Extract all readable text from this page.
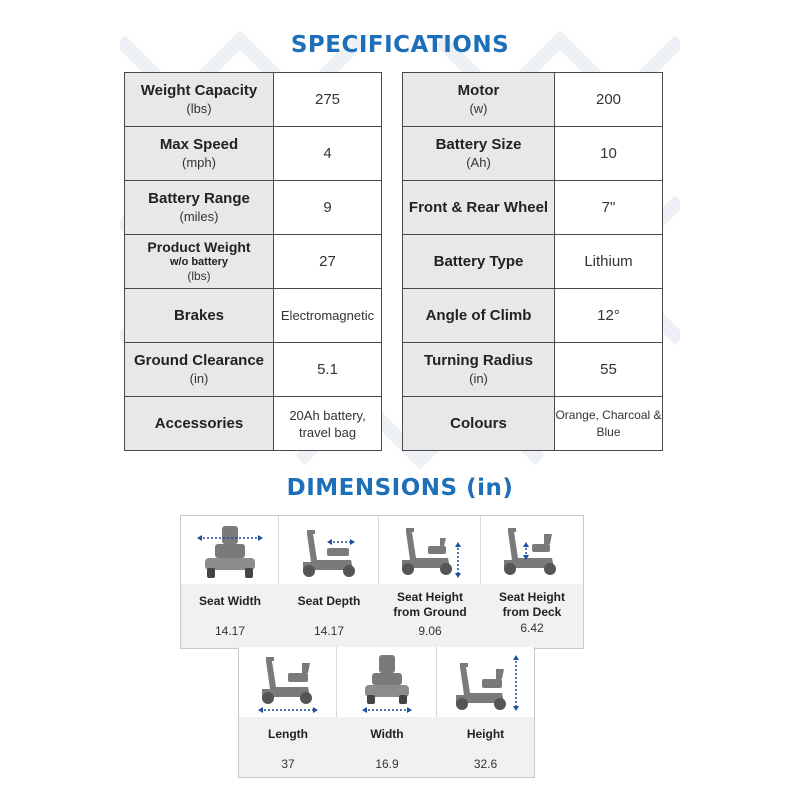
SPECIFICATIONS
Weight Capacity
(lbs)	275

Max Speed
(mph)	4

Battery Range
(miles)	9

Product Weight
w/o battery
(lbs)	27

Brakes	Electromagnetic

Ground Clearance
(in)	5.1

Accessories	20Ah battery,
travel bag
Motor
(w)	200

Battery Size
(Ah)	10

Front & Rear Wheel	7"

Battery Type	Lithium

Angle of Climb	12°

Turning Radius
(in)	55

Colours	Orange, Charcoal &
Blue
DIMENSIONS (in)
Seat Width
14.17
Seat Depth
14.17
Seat Height
from Ground
9.06
Seat Height
from Deck
6.42
Length
37
Width
16.9
Height
32.6
